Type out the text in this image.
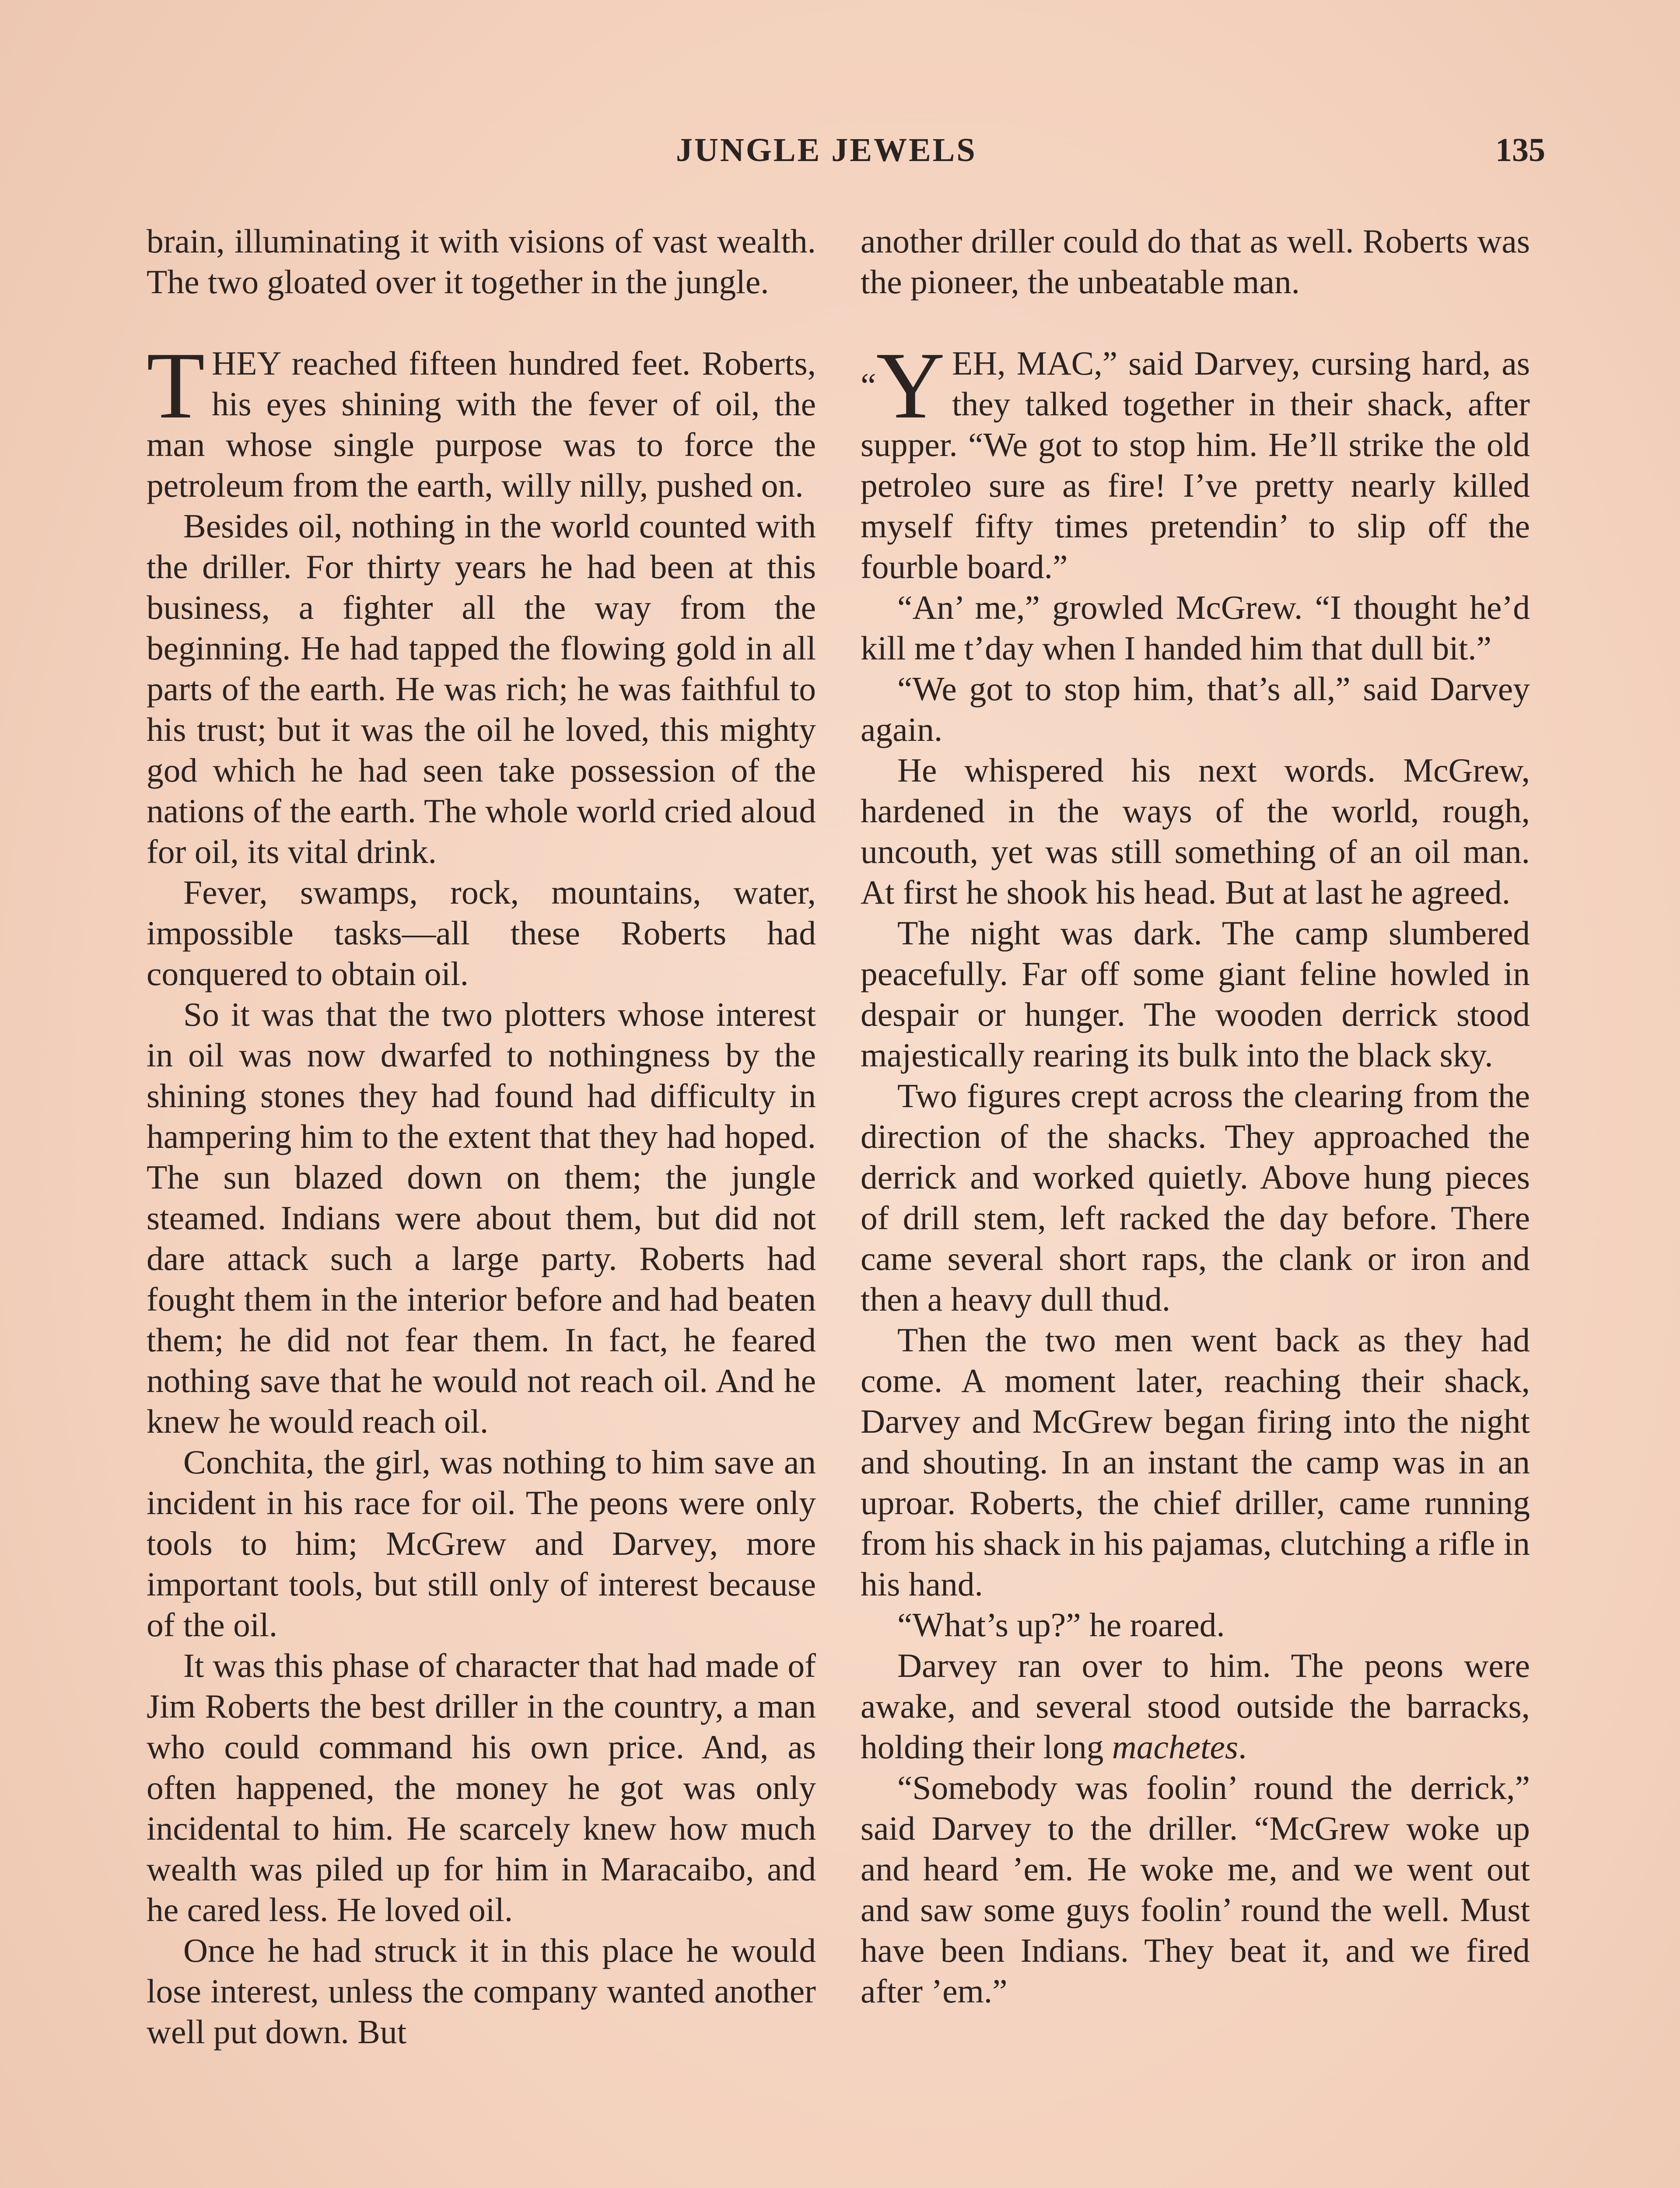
JUNGLE JEWELS	135

brain, illuminating it with visions of vast wealth. The two gloated over it together in the jungle.

THEY reached fifteen hundred feet. Roberts, his eyes shining with the fever of oil, the man whose single purpose was to force the petroleum from the earth, willy nilly, pushed on.

Besides oil, nothing in the world counted with the driller. For thirty years he had been at this business, a fighter all the way from the beginning. He had tapped the flowing gold in all parts of the earth. He was rich; he was faithful to his trust; but it was the oil he loved, this mighty god which he had seen take possession of the nations of the earth. The whole world cried aloud for oil, its vital drink.

Fever, swamps, rock, mountains, water, impossible tasks—all these Roberts had conquered to obtain oil.

So it was that the two plotters whose interest in oil was now dwarfed to nothingness by the shining stones they had found had difficulty in hampering him to the extent that they had hoped. The sun blazed down on them; the jungle steamed. Indians were about them, but did not dare attack such a large party. Roberts had fought them in the interior before and had beaten them; he did not fear them. In fact, he feared nothing save that he would not reach oil. And he knew he would reach oil.

Conchita, the girl, was nothing to him save an incident in his race for oil. The peons were only tools to him; McGrew and Darvey, more important tools, but still only of interest because of the oil.

It was this phase of character that had made of Jim Roberts the best driller in the country, a man who could command his own price. And, as often happened, the money he got was only incidental to him. He scarcely knew how much wealth was piled up for him in Maracaibo, and he cared less. He loved oil.

Once he had struck it in this place he would lose interest, unless the company wanted another well put down. But

another driller could do that as well. Roberts was the pioneer, the unbeatable man.

“Y EH, MAC,” said Darvey, cursing hard, as they talked together in their shack, after supper. “We got to stop him. He’ll strike the old petroleo sure as fire! I’ve pretty nearly killed myself fifty times pretendin’ to slip off the fourble board.”

“An’ me,” growled McGrew. “I thought he’d kill me t’day when I handed him that dull bit.”

“We got to stop him, that’s all,” said Darvey again.

He whispered his next words. McGrew, hardened in the ways of the world, rough, uncouth, yet was still something of an oil man. At first he shook his head. But at last he agreed.

The night was dark. The camp slumbered peacefully. Far off some giant feline howled in despair or hunger. The wooden derrick stood majestically rearing its bulk into the black sky.

Two figures crept across the clearing from the direction of the shacks. They approached the derrick and worked quietly. Above hung pieces of drill stem, left racked the day before. There came several short raps, the clank or iron and then a heavy dull thud.

Then the two men went back as they had come. A moment later, reaching their shack, Darvey and McGrew began firing into the night and shouting. In an instant the camp was in an uproar. Roberts, the chief driller, came running from his shack in his pajamas, clutching a rifle in his hand.

“What’s up?” he roared.

Darvey ran over to him. The peons were awake, and several stood outside the barracks, holding their long machetes.

“Somebody was foolin’ round the derrick,” said Darvey to the driller. “McGrew woke up and heard ’em. He woke me, and we went out and saw some guys foolin’ round the well. Must have been Indians. They beat it, and we fired after ’em.”
